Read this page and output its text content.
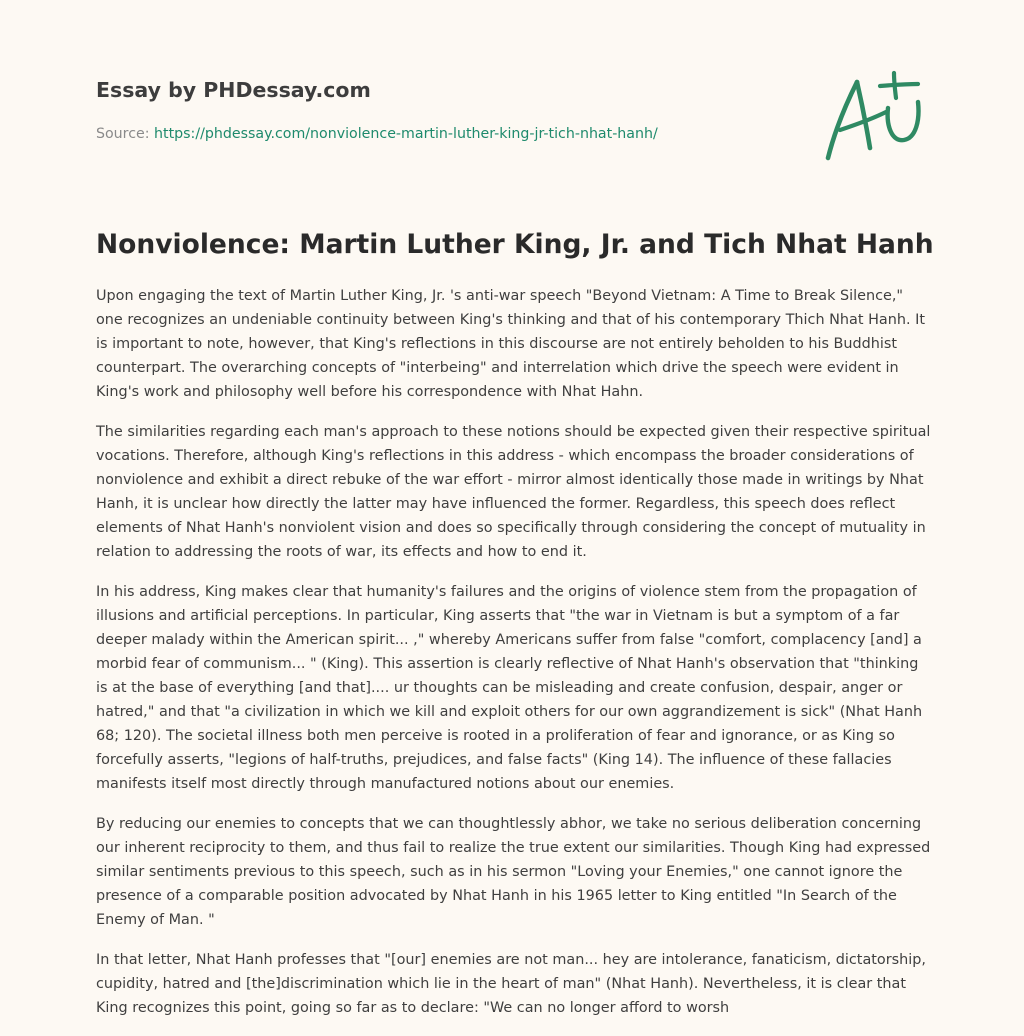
Essay by PHDessay.com
Source: https://phdessay.com/nonviolence-martin-luther-king-jr-tich-nhat-hanh/
Nonviolence: Martin Luther King, Jr. and Tich Nhat Hanh

Upon engaging the text of Martin Luther King, Jr. 's anti-war speech "Beyond Vietnam: A Time to Break Silence," one recognizes an undeniable continuity between King's thinking and that of his contemporary Thich Nhat Hanh. It is important to note, however, that King's reflections in this discourse are not entirely beholden to his Buddhist counterpart. The overarching concepts of "interbeing" and interrelation which drive the speech were evident in King's work and philosophy well before his correspondence with Nhat Hahn.

The similarities regarding each man's approach to these notions should be expected given their respective spiritual vocations. Therefore, although King's reflections in this address - which encompass the broader considerations of nonviolence and exhibit a direct rebuke of the war effort - mirror almost identically those made in writings by Nhat Hanh, it is unclear how directly the latter may have influenced the former. Regardless, this speech does reflect elements of Nhat Hanh's nonviolent vision and does so specifically through considering the concept of mutuality in relation to addressing the roots of war, its effects and how to end it.

In his address, King makes clear that humanity's failures and the origins of violence stem from the propagation of illusions and artificial perceptions. In particular, King asserts that "the war in Vietnam is but a symptom of a far deeper malady within the American spirit... ," whereby Americans suffer from false "comfort, complacency [and] a morbid fear of communism... " (King). This assertion is clearly reflective of Nhat Hanh's observation that "thinking is at the base of everything [and that].... ur thoughts can be misleading and create confusion, despair, anger or hatred," and that "a civilization in which we kill and exploit others for our own aggrandizement is sick" (Nhat Hanh 68; 120). The societal illness both men perceive is rooted in a proliferation of fear and ignorance, or as King so forcefully asserts, "legions of half-truths, prejudices, and false facts" (King 14). The influence of these fallacies manifests itself most directly through manufactured notions about our enemies.

By reducing our enemies to concepts that we can thoughtlessly abhor, we take no serious deliberation concerning our inherent reciprocity to them, and thus fail to realize the true extent our similarities. Though King had expressed similar sentiments previous to this speech, such as in his sermon "Loving your Enemies," one cannot ignore the presence of a comparable position advocated by Nhat Hanh in his 1965 letter to King entitled "In Search of the Enemy of Man. "

In that letter, Nhat Hanh professes that "[our] enemies are not man... hey are intolerance, fanaticism, dictatorship, cupidity, hatred and [the]discrimination which lie in the heart of man" (Nhat Hanh). Nevertheless, it is clear that King recognizes this point, going so far as to declare: "We can no longer afford to worsh
